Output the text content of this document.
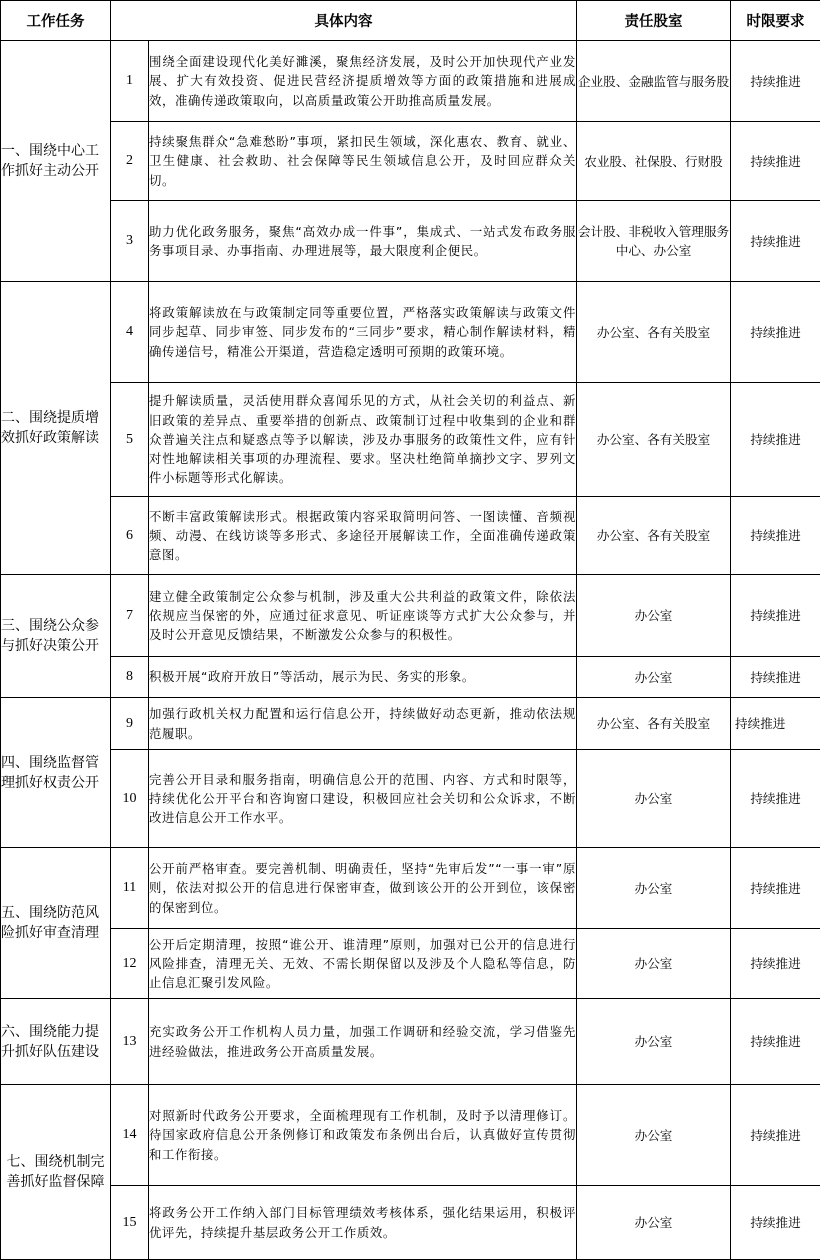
工作任务	具体内容		责任股室	时限要求
一、围绕中心工作抓好主动公开	1	围绕全面建设现代化美好濉溪，聚焦经济发展，及时公开加快现代产业发展、扩大有效投资、促进民营经济提质增效等方面的政策措施和进展成效，准确传递政策取向，以高质量政策公开助推高质量发展。	企业股、金融监管与服务股	持续推进
	2	持续聚焦群众“急难愁盼”事项，紧扣民生领域，深化惠农、教育、就业、卫生健康、社会救助、社会保障等民生领域信息公开，及时回应群众关切。	农业股、社保股、行财股	持续推进
	3	助力优化政务服务，聚焦“高效办成一件事”，集成式、一站式发布政务服务事项目录、办事指南、办理进展等，最大限度利企便民。	会计股、非税收入管理服务中心、办公室	持续推进
二、围绕提质增效抓好政策解读	4	将政策解读放在与政策制定同等重要位置，严格落实政策解读与政策文件同步起草、同步审签、同步发布的“三同步”要求，精心制作解读材料，精确传递信号，精准公开渠道，营造稳定透明可预期的政策环境。	办公室、各有关股室	持续推进
	5	提升解读质量，灵活使用群众喜闻乐见的方式，从社会关切的利益点、新旧政策的差异点、重要举措的创新点、政策制订过程中收集到的企业和群众普遍关注点和疑惑点等予以解读，涉及办事服务的政策性文件，应有针对性地解读相关事项的办理流程、要求。坚决杜绝简单摘抄文字、罗列文件小标题等形式化解读。	办公室、各有关股室	持续推进
	6	不断丰富政策解读形式。根据政策内容采取简明问答、一图读懂、音频视频、动漫、在线访谈等多形式、多途径开展解读工作，全面准确传递政策意图。	办公室、各有关股室	持续推进
三、围绕公众参与抓好决策公开	7	建立健全政策制定公众参与机制，涉及重大公共利益的政策文件，除依法依规应当保密的外，应通过征求意见、听证座谈等方式扩大公众参与，并及时公开意见反馈结果，不断激发公众参与的积极性。	办公室	持续推进
	8	积极开展“政府开放日”等活动，展示为民、务实的形象。	办公室	持续推进
四、围绕监督管理抓好权责公开	9	加强行政机关权力配置和运行信息公开，持续做好动态更新，推动依法规范履职。	办公室、各有关股室	持续推进
	10	完善公开目录和服务指南，明确信息公开的范围、内容、方式和时限等，持续优化公开平台和咨询窗口建设，积极回应社会关切和公众诉求，不断改进信息公开工作水平。	办公室	持续推进
五、围绕防范风险抓好审查清理	11	公开前严格审查。要完善机制、明确责任，坚持“先审后发”“一事一审”原则，依法对拟公开的信息进行保密审查，做到该公开的公开到位，该保密的保密到位。	办公室	持续推进
	12	公开后定期清理，按照“谁公开、谁清理”原则，加强对已公开的信息进行风险排查，清理无关、无效、不需长期保留以及涉及个人隐私等信息，防止信息汇聚引发风险。	办公室	持续推进
六、围绕能力提升抓好队伍建设	13	充实政务公开工作机构人员力量，加强工作调研和经验交流，学习借鉴先进经验做法，推进政务公开高质量发展。	办公室	持续推进
七、围绕机制完善抓好监督保障	14	对照新时代政务公开要求，全面梳理现有工作机制，及时予以清理修订。待国家政府信息公开条例修订和政策发布条例出台后，认真做好宣传贯彻和工作衔接。	办公室	持续推进
	15	将政务公开工作纳入部门目标管理绩效考核体系，强化结果运用，积极评优评先，持续提升基层政务公开工作质效。	办公室	持续推进
